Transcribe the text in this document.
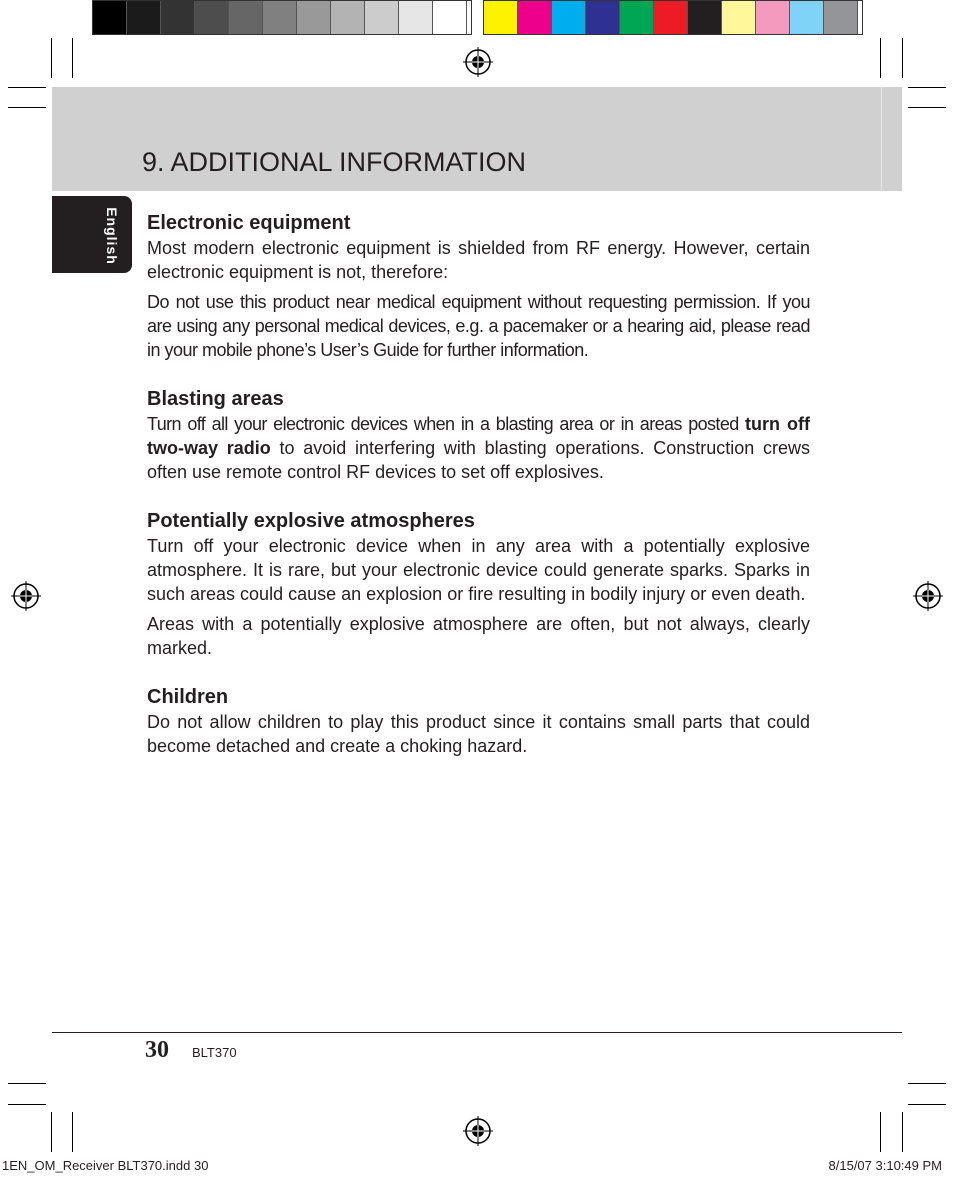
9. ADDITIONAL INFORMATION
English Electronic equipment

Most modern electronic equipment is shielded from RF energy. However, certain electronic equipment is not, therefore:

Do not use this product near medical equipment without requesting permission. If you are using any personal medical devices, e.g. a pacemaker or a hearing aid, please read in your mobile phone’s User’s Guide for further information.

Blasting areas

Turn off all your electronic devices when in a blasting area or in areas posted turn off two-way radio to avoid interfering with blasting operations. Construction crews often use remote control RF devices to set off explosives.

Potentially explosive atmospheres

Turn off your electronic device when in any area with a potentially explosive atmosphere. It is rare, but your electronic device could generate sparks. Sparks in such areas could cause an explosion or fire resulting in bodily injury or even death.

Areas with a potentially explosive atmosphere are often, but not always, clearly marked.

Children

Do not allow children to play this product since it contains small parts that could become detached and create a choking hazard.

30 BLT370
1EN_OM_Receiver BLT370.indd 30	8/15/07 3:10:49 PM
